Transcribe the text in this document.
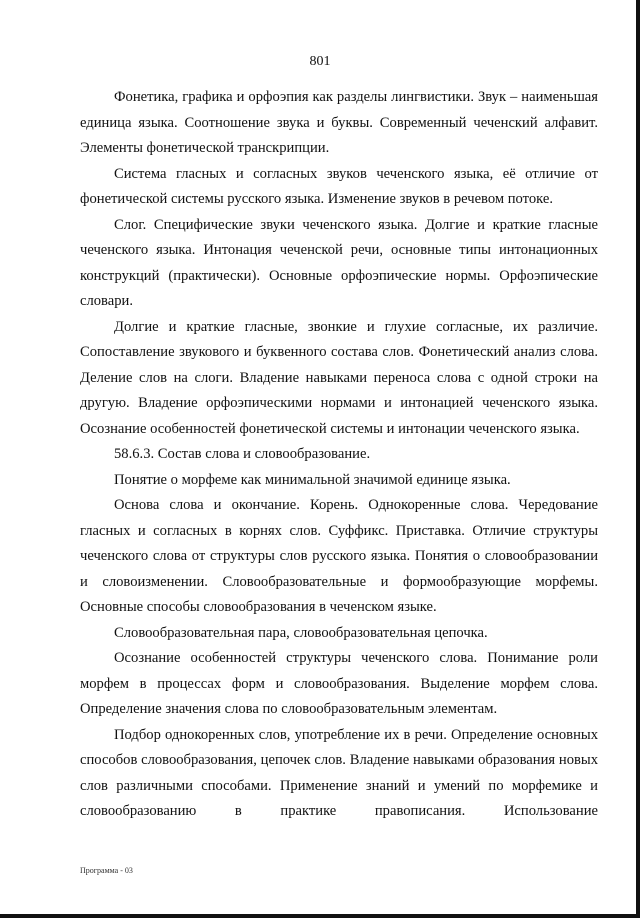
801

Фонетика, графика и орфоэпия как разделы лингвистики. Звук – наименьшая единица языка. Соотношение звука и буквы. Современный чеченский алфавит. Элементы фонетической транскрипции.

Система гласных и согласных звуков чеченского языка, её отличие от фонетической системы русского языка. Изменение звуков в речевом потоке.

Слог. Специфические звуки чеченского языка. Долгие и краткие гласные чеченского языка. Интонация чеченской речи, основные типы интонационных конструкций (практически). Основные орфоэпические нормы. Орфоэпические словари.

Долгие и краткие гласные, звонкие и глухие согласные, их различие. Сопоставление звукового и буквенного состава слов. Фонетический анализ слова. Деление слов на слоги. Владение навыками переноса слова с одной строки на другую. Владение орфоэпическими нормами и интонацией чеченского языка. Осознание особенностей фонетической системы и интонации чеченского языка.

58.6.3. Состав слова и словообразование.

Понятие о морфеме как минимальной значимой единице языка.

Основа слова и окончание. Корень. Однокоренные слова. Чередование гласных и согласных в корнях слов. Суффикс. Приставка. Отличие структуры чеченского слова от структуры слов русского языка. Понятия о словообразовании и словоизменении. Словообразовательные и формообразующие морфемы. Основные способы словообразования в чеченском языке.

Словообразовательная пара, словообразовательная цепочка.

Осознание особенностей структуры чеченского слова. Понимание роли морфем в процессах форм и словообразования. Выделение морфем слова. Определение значения слова по словообразовательным элементам.

Подбор однокоренных слов, употребление их в речи. Определение основных способов словообразования, цепочек слов. Владение навыками образования новых слов различными способами. Применение знаний и умений по морфемике и словообразованию в практике правописания. Использование

Программа - 03
